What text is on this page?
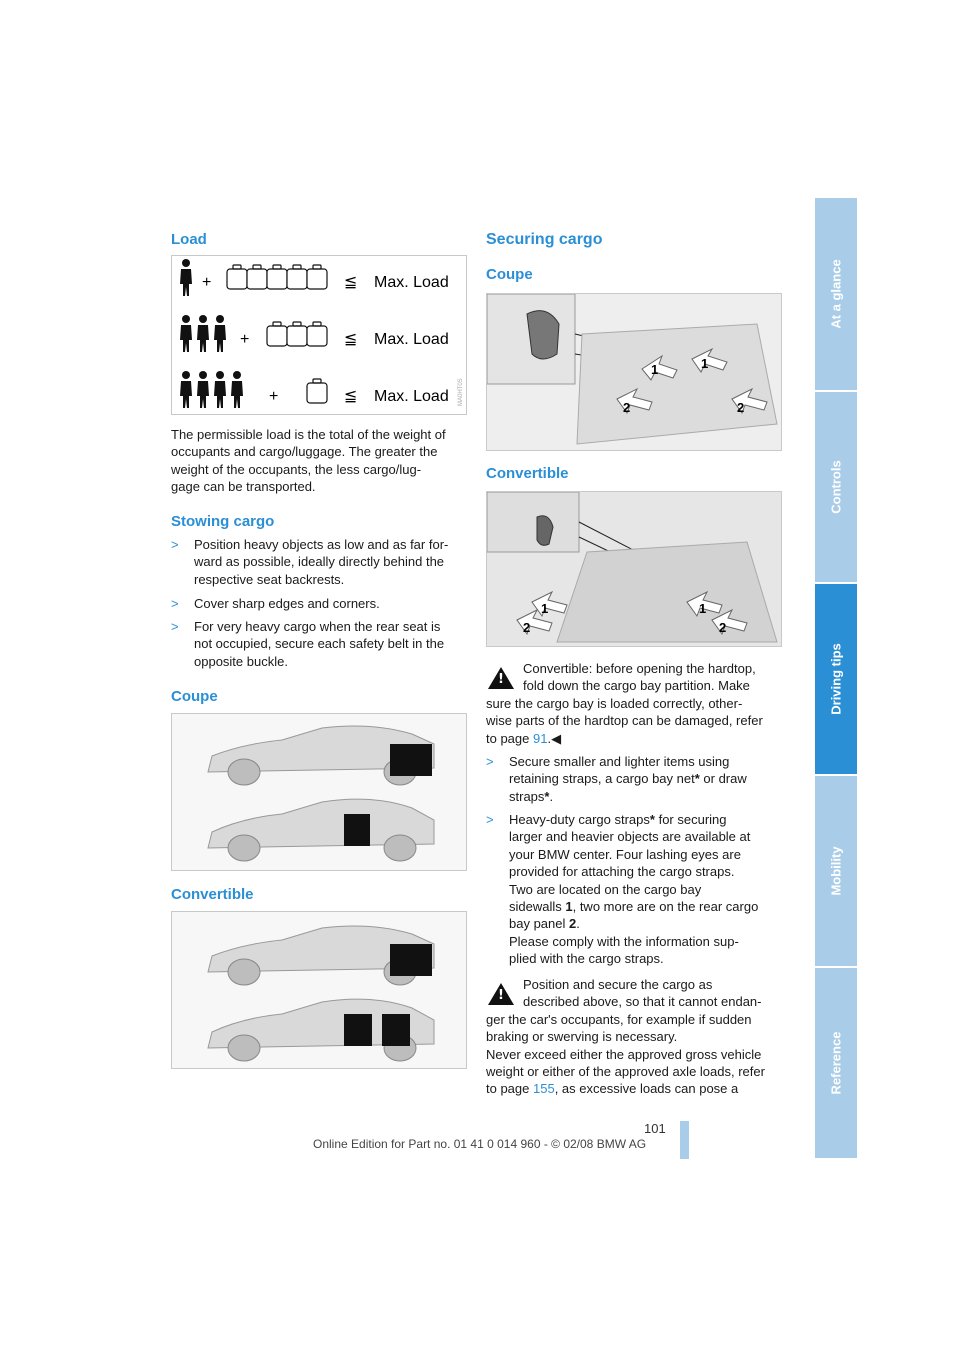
Load
+	≦ Max. Load
+	≦ Max. Load
+	≦ Max. Load MA0HT0S
The permissible load is the total of the weight of
occupants and cargo/luggage. The greater the
weight of the occupants, the less cargo/lug-
gage can be transported.
Stowing cargo
> Position heavy objects as low and as far for-
ward as possible, ideally directly behind the
respective seat backrests.
> Cover sharp edges and corners.
> For very heavy cargo when the rear seat is
not occupied, secure each safety belt in the
opposite buckle.
Coupe
Convertible
Securing cargo
Coupe
1	1
2	2
Convertible
1	1
2	2
!
Convertible: before opening the hardtop,
fold down the cargo bay partition. Make
sure the cargo bay is loaded correctly, other-
wise parts of the hardtop can be damaged, refer
to page 91.◀
> Secure smaller and lighter items using
retaining straps, a cargo bay net* or draw
straps*.
> Heavy-duty cargo straps* for securing
larger and heavier objects are available at
your BMW center. Four lashing eyes are
provided for attaching the cargo straps.
Two are located on the cargo bay
sidewalls 1, two more are on the rear cargo
bay panel 2.
Please comply with the information sup-
plied with the cargo straps.
!
Position and secure the cargo as
described above, so that it cannot endan-
ger the car's occupants, for example if sudden
braking or swerving is necessary.
Never exceed either the approved gross vehicle
weight or either of the approved axle loads, refer
to page 155, as excessive loads can pose a
At a glance
Controls
Driving tips
Mobility
Reference
101
Online Edition for Part no. 01 41 0 014 960 - © 02/08 BMW AG
